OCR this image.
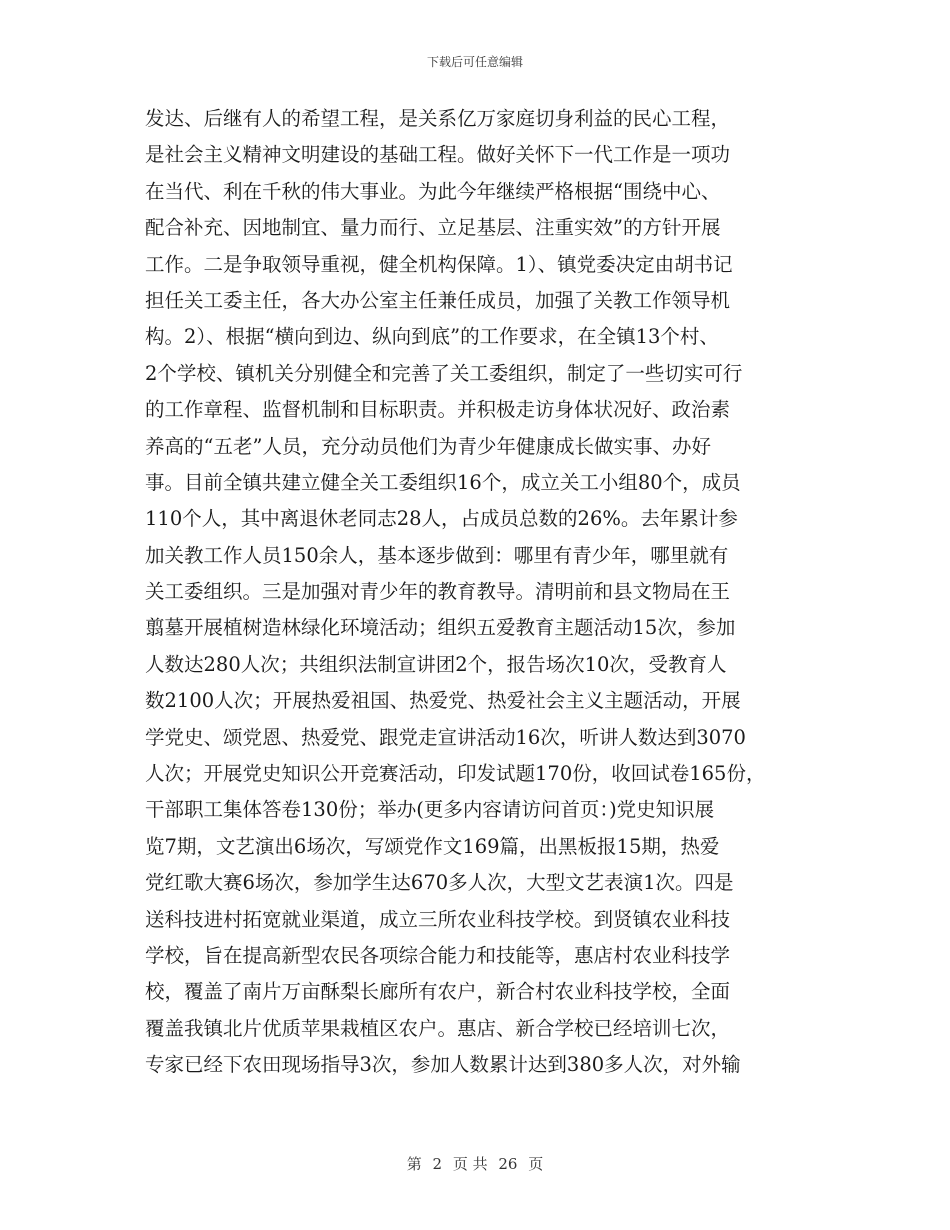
下载后可任意编辑
发达、后继有人的希望工程，是关系亿万家庭切身利益的民心工程，
是社会主义精神文明建设的基础工程。做好关怀下一代工作是一项功
在当代、利在千秋的伟大事业。为此今年继续严格根据“围绕中心、
配合补充、因地制宜、量力而行、立足基层、注重实效”的方针开展
工作。二是争取领导重视，健全机构保障。1）、镇党委决定由胡书记
担任关工委主任，各大办公室主任兼任成员，加强了关教工作领导机
构。2）、根据“横向到边、纵向到底”的工作要求，在全镇13个村、
2个学校、镇机关分别健全和完善了关工委组织，制定了一些切实可行
的工作章程、监督机制和目标职责。并积极走访身体状况好、政治素
养高的“五老”人员，充分动员他们为青少年健康成长做实事、办好
事。目前全镇共建立健全关工委组织16个，成立关工小组80个，成员
110个人，其中离退休老同志28人，占成员总数的26%。去年累计参
加关教工作人员150余人，基本逐步做到：哪里有青少年，哪里就有
关工委组织。三是加强对青少年的教育教导。清明前和县文物局在王
翦墓开展植树造林绿化环境活动；组织五爱教育主题活动15次，参加
人数达280人次；共组织法制宣讲团2个，报告场次10次，受教育人
数2100人次；开展热爱祖国、热爱党、热爱社会主义主题活动，开展
学党史、颂党恩、热爱党、跟党走宣讲活动16次，听讲人数达到3070
人次；开展党史知识公开竞赛活动，印发试题170份，收回试卷165份，
干部职工集体答卷130份；举办(更多内容请访问首页：)党史知识展
览7期，文艺演出6场次，写颂党作文169篇，出黑板报15期，热爱
党红歌大赛6场次，参加学生达670多人次，大型文艺表演1次。四是
送科技进村拓宽就业渠道，成立三所农业科技学校。到贤镇农业科技
学校，旨在提高新型农民各项综合能力和技能等，惠店村农业科技学
校，覆盖了南片万亩酥梨长廊所有农户，新合村农业科技学校，全面
覆盖我镇北片优质苹果栽植区农户。惠店、新合学校已经培训七次，
专家已经下农田现场指导3次，参加人数累计达到380多人次，对外输
第 2 页 共 26 页
